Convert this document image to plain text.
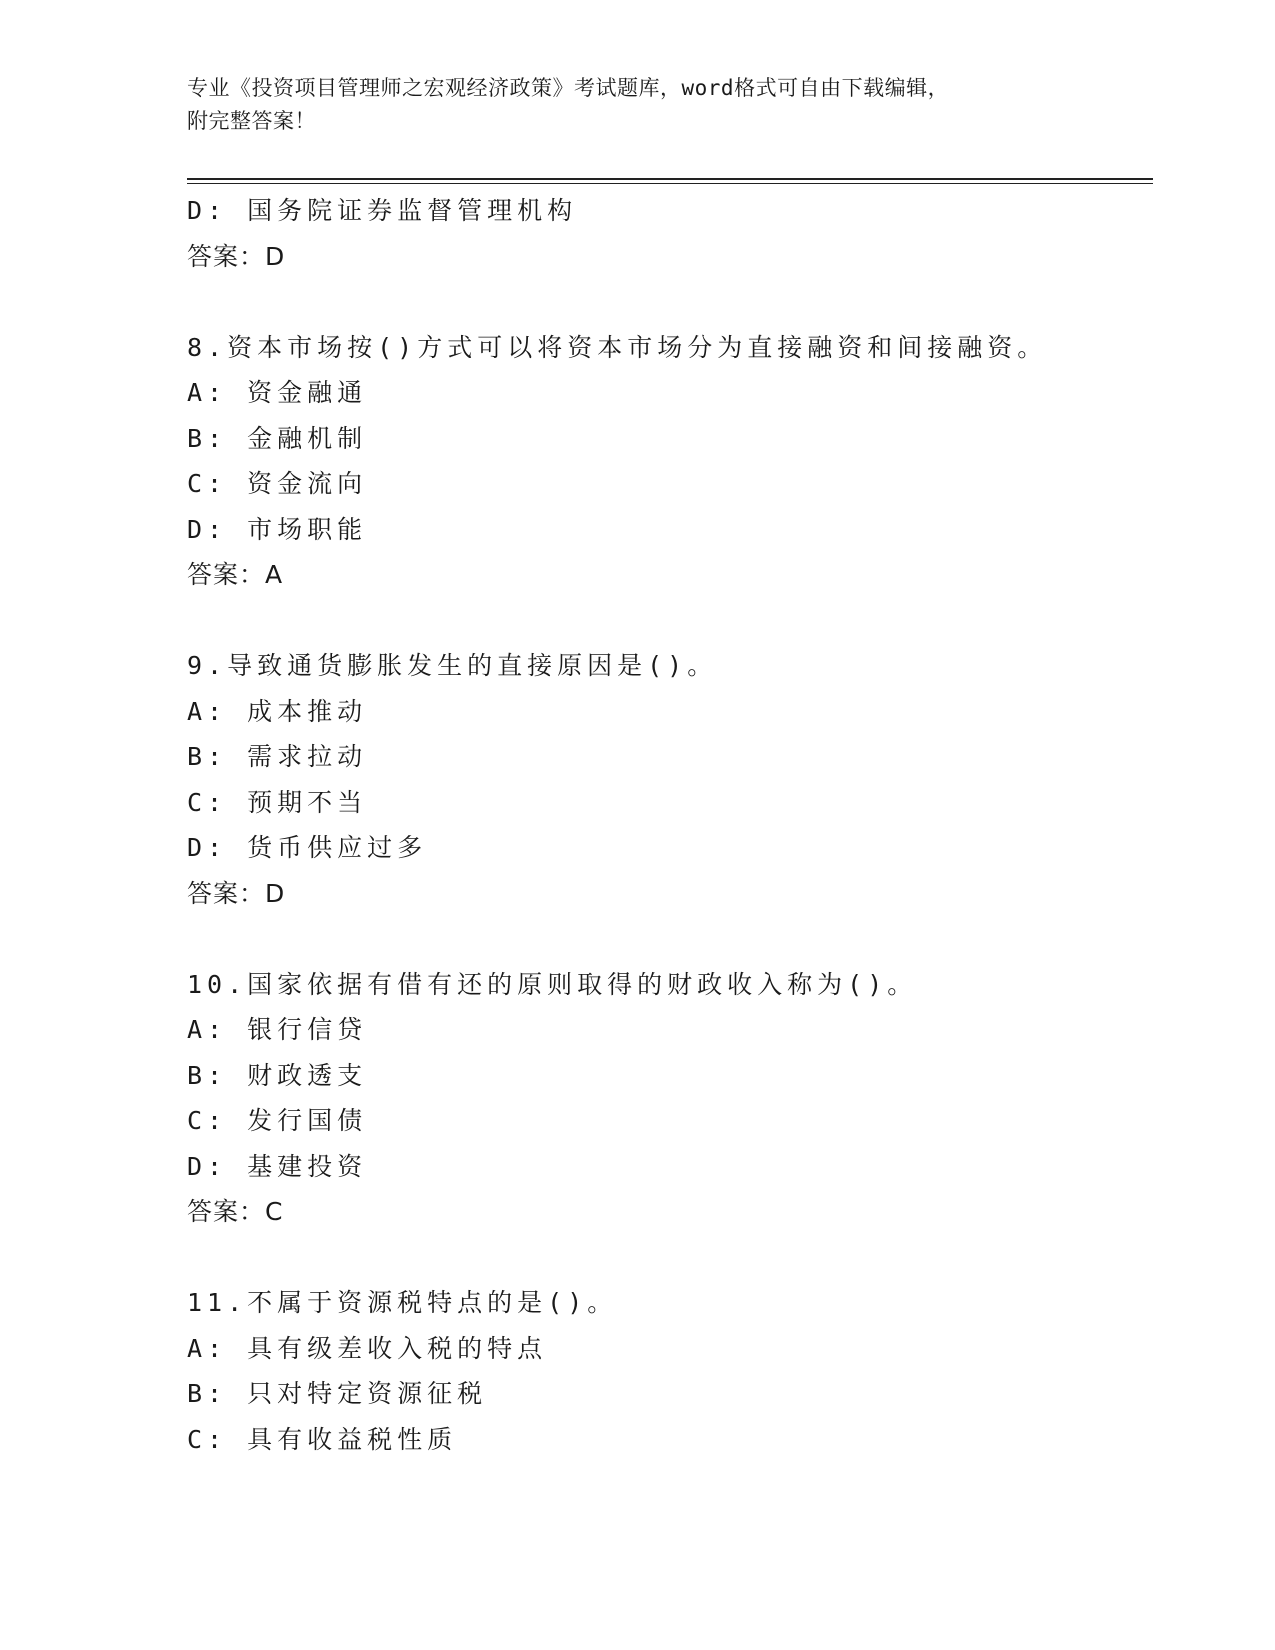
专业《投资项目管理师之宏观经济政策》考试题库，word格式可自由下载编辑，
附完整答案！
D: 国务院证券监督管理机构
答案：D
8.资本市场按()方式可以将资本市场分为直接融资和间接融资。
A: 资金融通
B: 金融机制
C: 资金流向
D: 市场职能
答案：A
9.导致通货膨胀发生的直接原因是()。
A: 成本推动
B: 需求拉动
C: 预期不当
D: 货币供应过多
答案：D
10.国家依据有借有还的原则取得的财政收入称为()。
A: 银行信贷
B: 财政透支
C: 发行国债
D: 基建投资
答案：C
11.不属于资源税特点的是()。
A: 具有级差收入税的特点
B: 只对特定资源征税
C: 具有收益税性质
